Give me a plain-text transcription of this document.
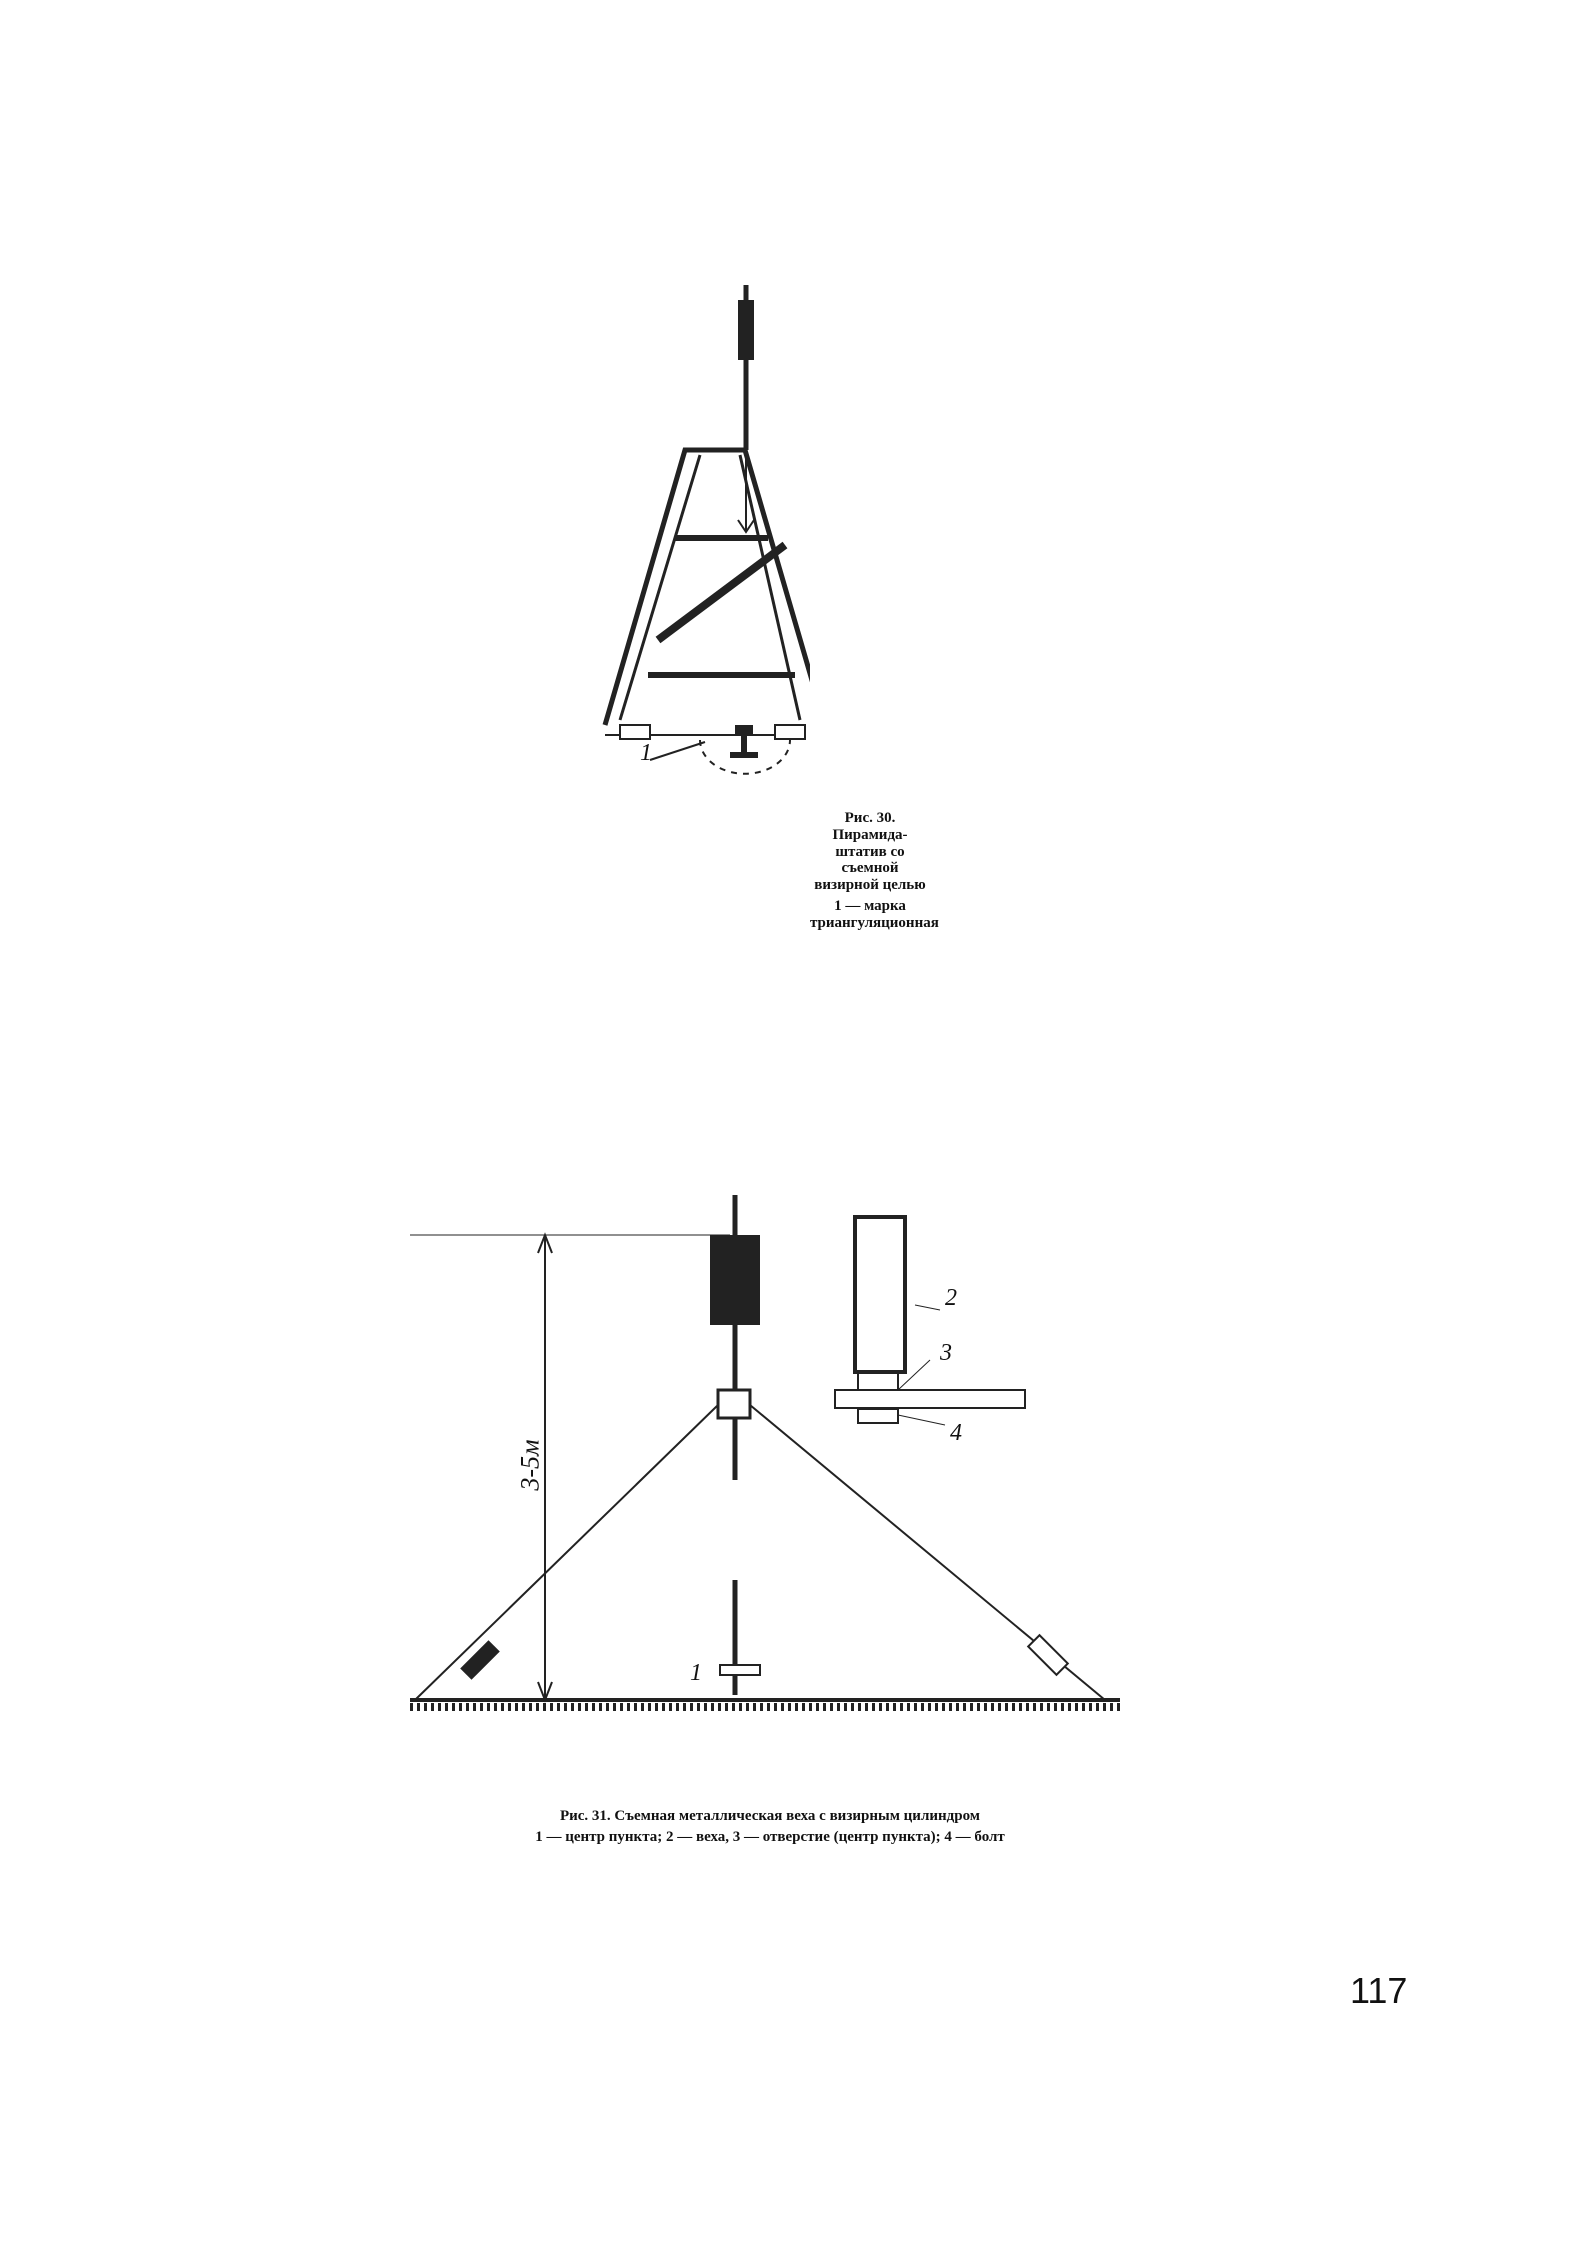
1
Рис. 30. Пирамида-штатив со съемной визирной целью
1 — марка триангуляционная
3-5м
1
2
3
4
Рис. 31. Съемная металлическая веха с визирным цилиндром
1 — центр пункта; 2 — веха, 3 — отверстие (центр пункта); 4 — болт
117
